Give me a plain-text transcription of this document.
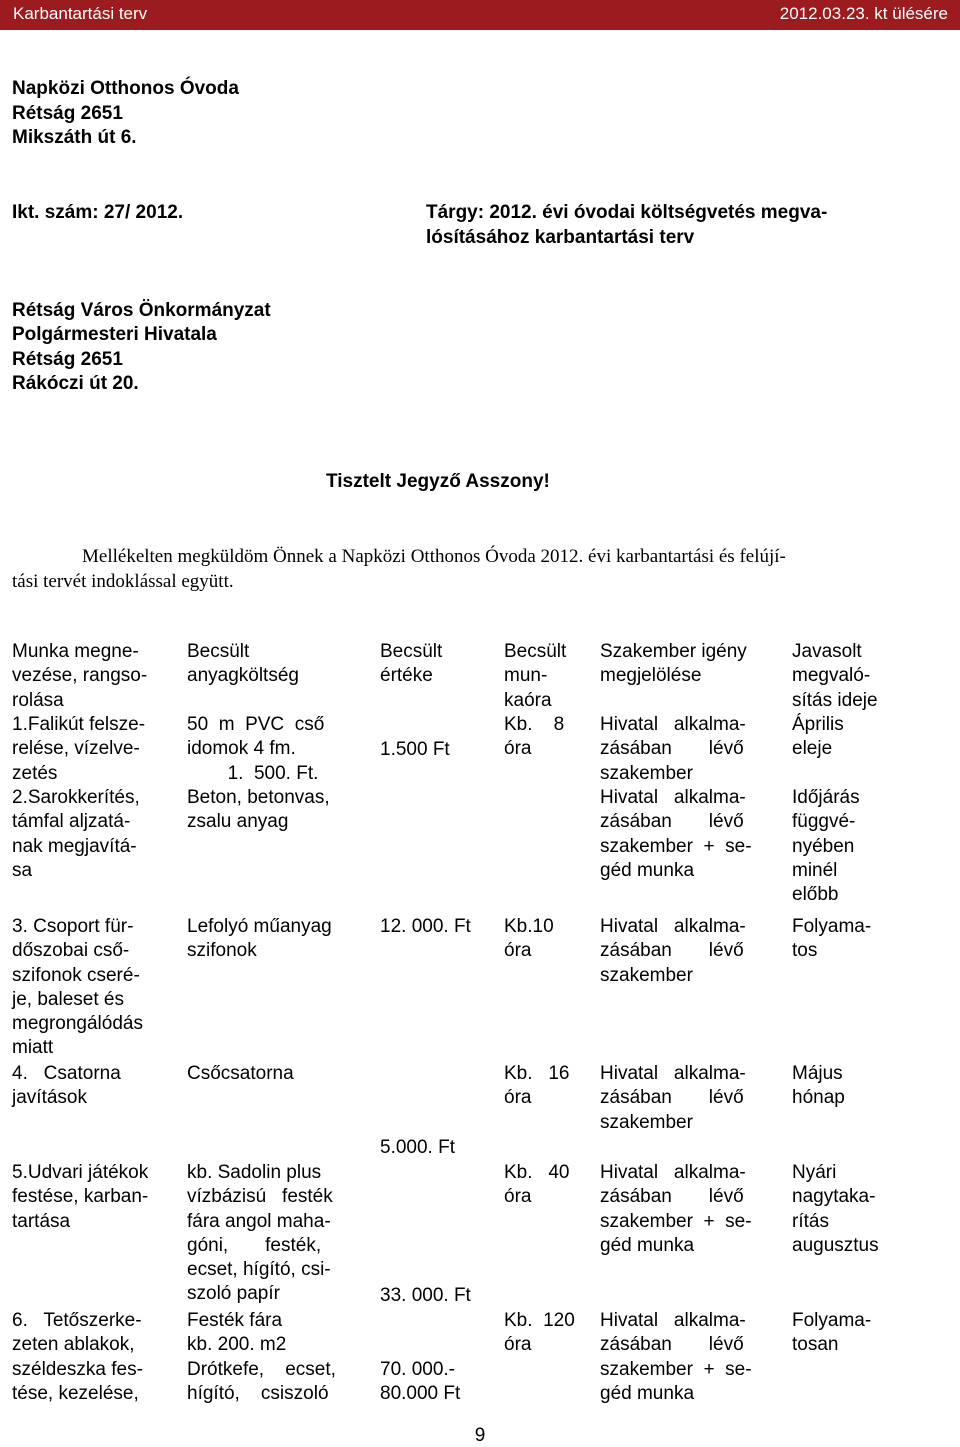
Karbantartási terv	2012.03.23. kt ülésére
Napközi Otthonos Óvoda
Rétság 2651
Mikszáth út 6.
Ikt. szám: 27/ 2012.	Tárgy: 2012. évi óvodai költségvetés megva-
lósításához karbantartási terv
Rétság Város Önkormányzat
Polgármesteri Hivatala
Rétság 2651
Rákóczi út 20.
Tisztelt Jegyző Asszony!
Mellékelten megküldöm Önnek a Napközi Otthonos Óvoda 2012. évi karbantartási és felújí-
tási tervét indoklással együtt.
Munka megne-
vezése, rangso-
rolása
1.Falikút felsze-
relése, vízelve-
zetés
2.Sarokkerítés,
támfal aljzatá-
nak megjavítá-
sa
3. Csoport für-
dőszobai cső-
szifonok cseré-
je, baleset és
megrongálódás
miatt
4.   Csatorna
javítások
5.Udvari játékok
festése, karban-
tartása
6.   Tetőszerke-
zeten ablakok,
széldeszka fes-
tése, kezelése,
Becsült
anyagköltség
50  m  PVC  cső
idomok 4 fm.
1.  500. Ft.
Beton, betonvas,
zsalu anyag
Lefolyó műanyag
szifonok
Csőcsatorna
kb. Sadolin plus
vízbázisú   festék
fára angol maha-
góni,       festék,
ecset, hígító, csi-
szoló papír
Festék fára
kb. 200. m2
Drótkefe,    ecset,
hígító,    csiszoló
Becsült
értéke
1.500 Ft
12. 000. Ft
5.000. Ft
33. 000. Ft
70. 000.-
80.000 Ft
Becsült
mun-
kaóra
Kb.    8
óra
Kb.10
óra
Kb.   16
óra
Kb.   40
óra
Kb.  120
óra
Szakember igény
megjelölése
Hivatal   alkalma-
zásában       lévő
szakember
Hivatal   alkalma-
zásában       lévő
szakember  +  se-
géd munka
Hivatal   alkalma-
zásában       lévő
szakember
Hivatal   alkalma-
zásában       lévő
szakember
Hivatal   alkalma-
zásában       lévő
szakember  +  se-
géd munka
Hivatal   alkalma-
zásában       lévő
szakember  +  se-
géd munka
Javasolt
megvaló-
sítás ideje
Április
eleje
Időjárás
függvé-
nyében
minél
előbb
Folyama-
tos
Május
hónap
Nyári
nagytaka-
rítás
augusztus
Folyama-
tosan
9
